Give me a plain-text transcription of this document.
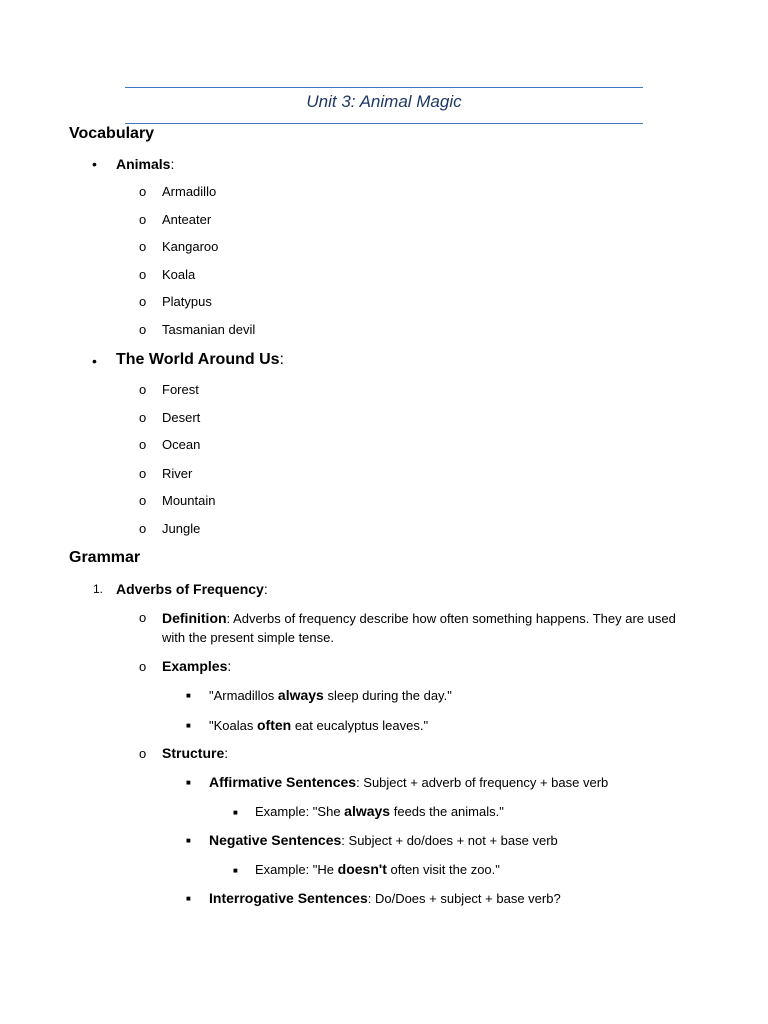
Unit 3: Animal Magic
Vocabulary
• Animals:
o Armadillo
o Anteater
o Kangaroo
o Koala
o Platypus
o Tasmanian devil
• The World Around Us:
o Forest
o Desert
o Ocean
o River
o Mountain
o Jungle
Grammar
1. Adverbs of Frequency:
o Definition: Adverbs of frequency describe how often something happens. They are used with the present simple tense.
o Examples:
■ "Armadillos always sleep during the day."
■ "Koalas often eat eucalyptus leaves."
o Structure:
■ Affirmative Sentences: Subject + adverb of frequency + base verb
■ Example: "She always feeds the animals."
■ Negative Sentences: Subject + do/does + not + base verb
■ Example: "He doesn't often visit the zoo."
■ Interrogative Sentences: Do/Does + subject + base verb?
